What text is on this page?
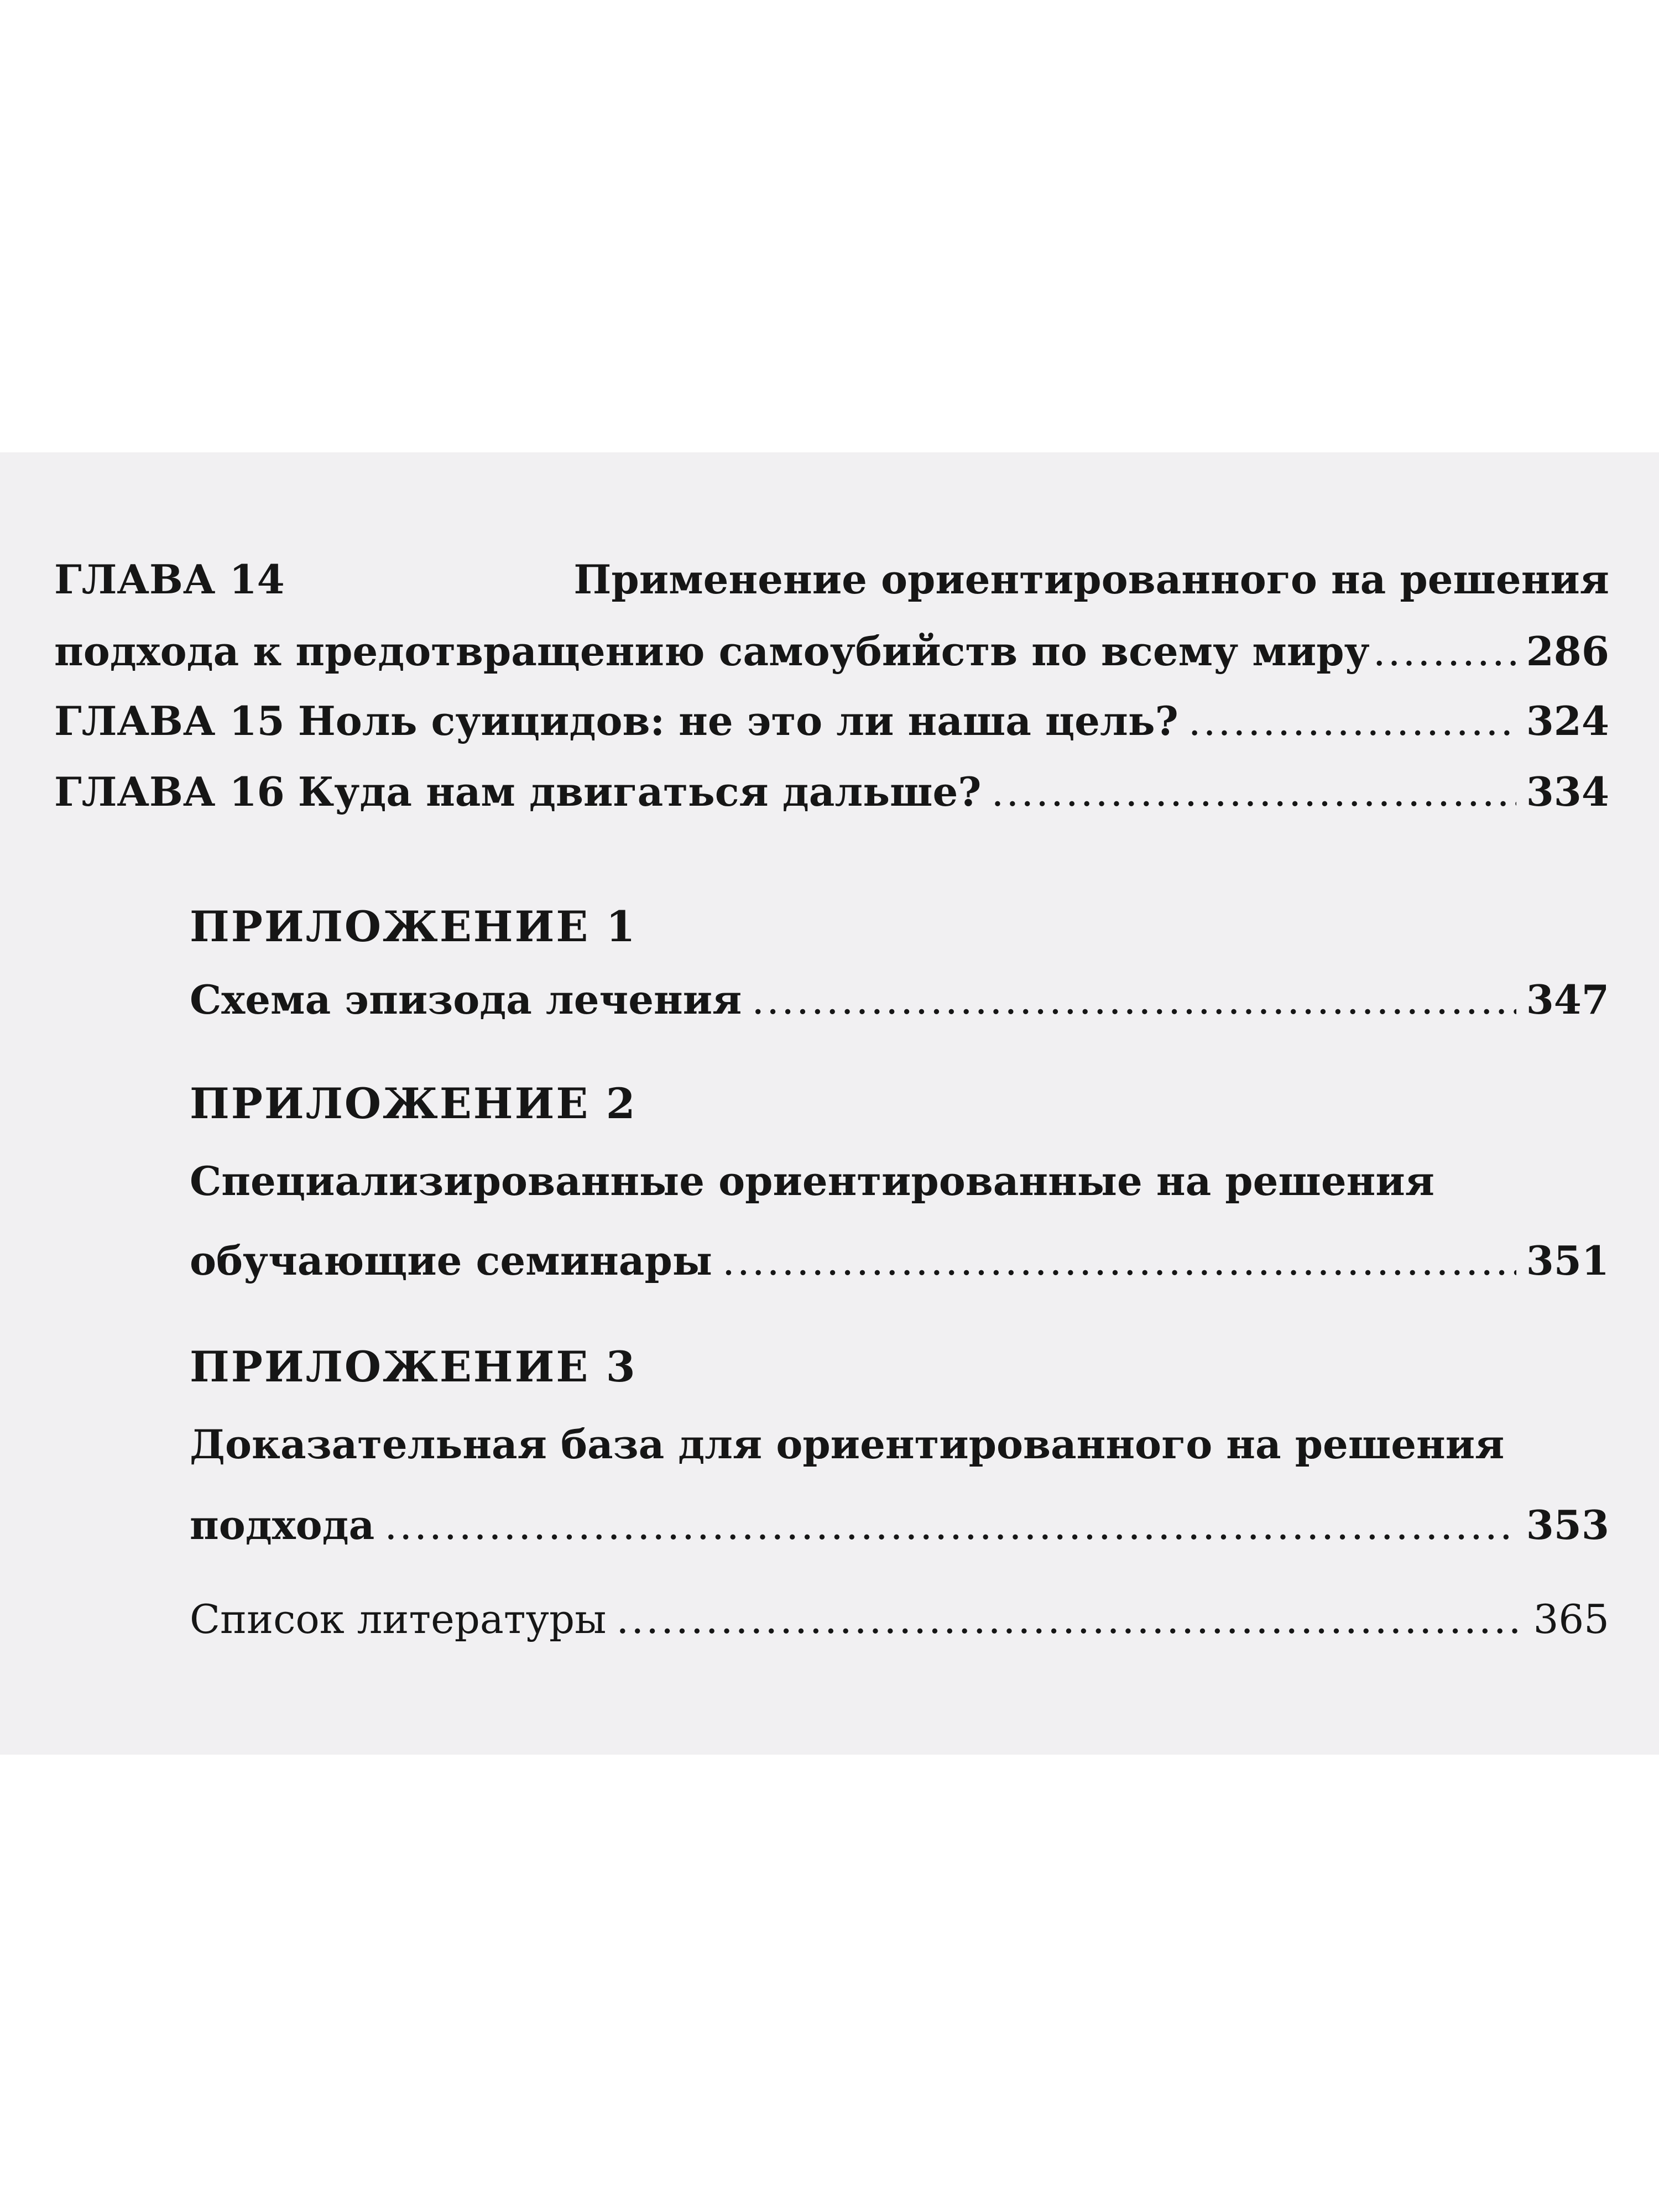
ГЛАВА 14	Применение ориентированного на решения
подхода к предотвращению самоубийств по всему миру .....	286
ГЛАВА 15 Ноль суицидов: не это ли наша цель? .....	324
ГЛАВА 16 Куда нам двигаться дальше? .....	334
ПРИЛОЖЕНИЕ 1
Схема эпизода лечения .....	347
ПРИЛОЖЕНИЕ 2
Специализированные ориентированные на решения
обучающие семинары .....	351
ПРИЛОЖЕНИЕ 3
Доказательная база для ориентированного на решения
подхода .....	353
Список литературы .....	365
